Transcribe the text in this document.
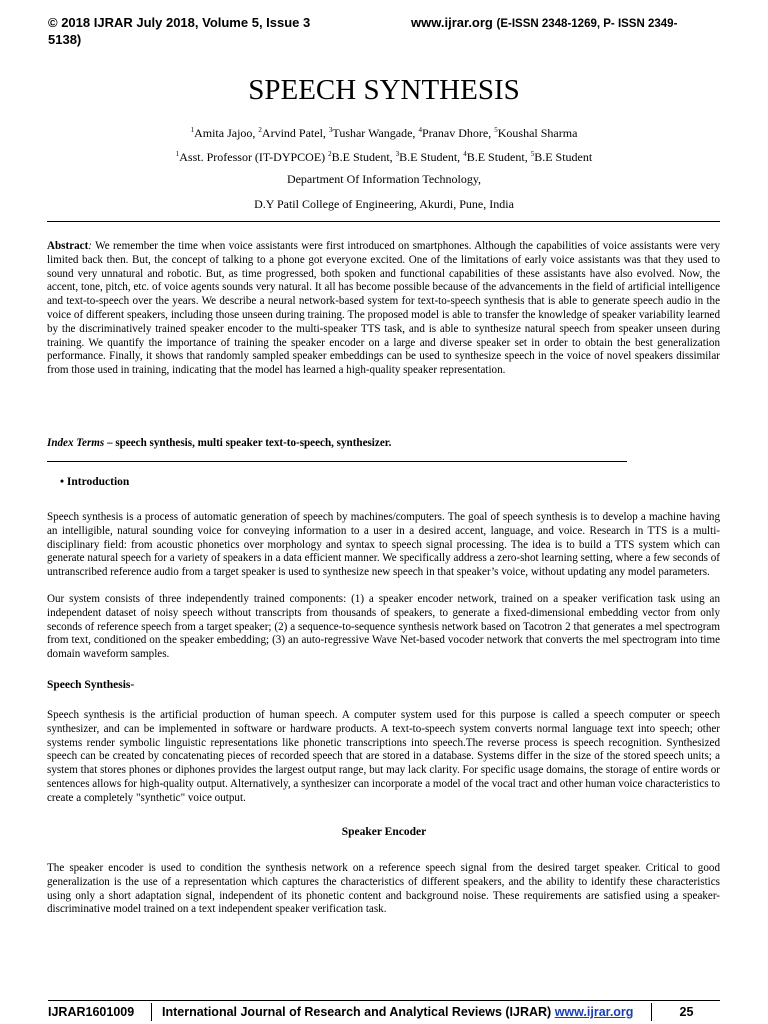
© 2018 IJRAR July 2018, Volume 5, Issue 3	www.ijrar.org (E-ISSN 2348-1269, P- ISSN 2349-
5138)
SPEECH SYNTHESIS
$^1$Amita Jajoo, $^2$Arvind Patel, $^3$Tushar Wangade, $^4$Pranav Dhore, $^5$Koushal Sharma
$^1$Asst. Professor (IT-DYPCOE) $^2$B.E Student, $^3$B.E Student, $^4$B.E Student, $^5$B.E Student
Department Of Information Technology,
D.Y Patil College of Engineering, Akurdi, Pune, India
Abstract: We remember the time when voice assistants were first introduced on smartphones. Although the capabilities of voice assistants were very limited back then. But, the concept of talking to a phone got everyone excited. One of the limitations of early voice assistants was that they used to sound very unnatural and robotic. But, as time progressed, both spoken and functional capabilities of these assistants have also evolved. Now, the accent, tone, pitch, etc. of voice agents sounds very natural. It all has become possible because of the advancements in the field of artificial intelligence and text-to-speech over the years. We describe a neural network-based system for text-to-speech synthesis that is able to generate speech audio in the voice of different speakers, including those unseen during training. The proposed model is able to transfer the knowledge of speaker variability learned by the discriminatively trained speaker encoder to the multi-speaker TTS task, and is able to synthesize natural speech from speaker unseen during training. We quantify the importance of training the speaker encoder on a large and diverse speaker set in order to obtain the best generalization performance. Finally, it shows that randomly sampled speaker embeddings can be used to synthesize speech in the voice of novel speakers dissimilar from those used in training, indicating that the model has learned a high-quality speaker representation.
Index Terms – speech synthesis, multi speaker text-to-speech, synthesizer.
• Introduction
Speech synthesis is a process of automatic generation of speech by machines/computers. The goal of speech synthesis is to develop a machine having an intelligible, natural sounding voice for conveying information to a user in a desired accent, language, and voice. Research in TTS is a multi-disciplinary field: from acoustic phonetics over morphology and syntax to speech signal processing. The idea is to build a TTS system which can generate natural speech for a variety of speakers in a data efficient manner. We specifically address a zero-shot learning setting, where a few seconds of untranscribed reference audio from a target speaker is used to synthesize new speech in that speaker’s voice, without updating any model parameters.
Our system consists of three independently trained components: (1) a speaker encoder network, trained on a speaker verification task using an independent dataset of noisy speech without transcripts from thousands of speakers, to generate a fixed-dimensional embedding vector from only seconds of reference speech from a target speaker; (2) a sequence-to-sequence synthesis network based on Tacotron 2 that generates a mel spectrogram from text, conditioned on the speaker embedding; (3) an auto-regressive Wave Net-based vocoder network that converts the mel spectrogram into time domain waveform samples.
Speech Synthesis-
Speech synthesis is the artificial production of human speech. A computer system used for this purpose is called a speech computer or speech synthesizer, and can be implemented in software or hardware products. A text-to-speech system converts normal language text into speech; other systems render symbolic linguistic representations like phonetic transcriptions into speech.The reverse process is speech recognition. Synthesized speech can be created by concatenating pieces of recorded speech that are stored in a database. Systems differ in the size of the stored speech units; a system that stores phones or diphones provides the largest output range, but may lack clarity. For specific usage domains, the storage of entire words or sentences allows for high-quality output. Alternatively, a synthesizer can incorporate a model of the vocal tract and other human voice characteristics to create a completely "synthetic" voice output.
Speaker Encoder
The speaker encoder is used to condition the synthesis network on a reference speech signal from the desired target speaker. Critical to good generalization is the use of a representation which captures the characteristics of different speakers, and the ability to identify these characteristics using only a short adaptation signal, independent of its phonetic content and background noise. These requirements are satisfied using a speaker-discriminative model trained on a text independent speaker verification task.
IJRAR1601009	International Journal of Research and Analytical Reviews (IJRAR) www.ijrar.org	25
